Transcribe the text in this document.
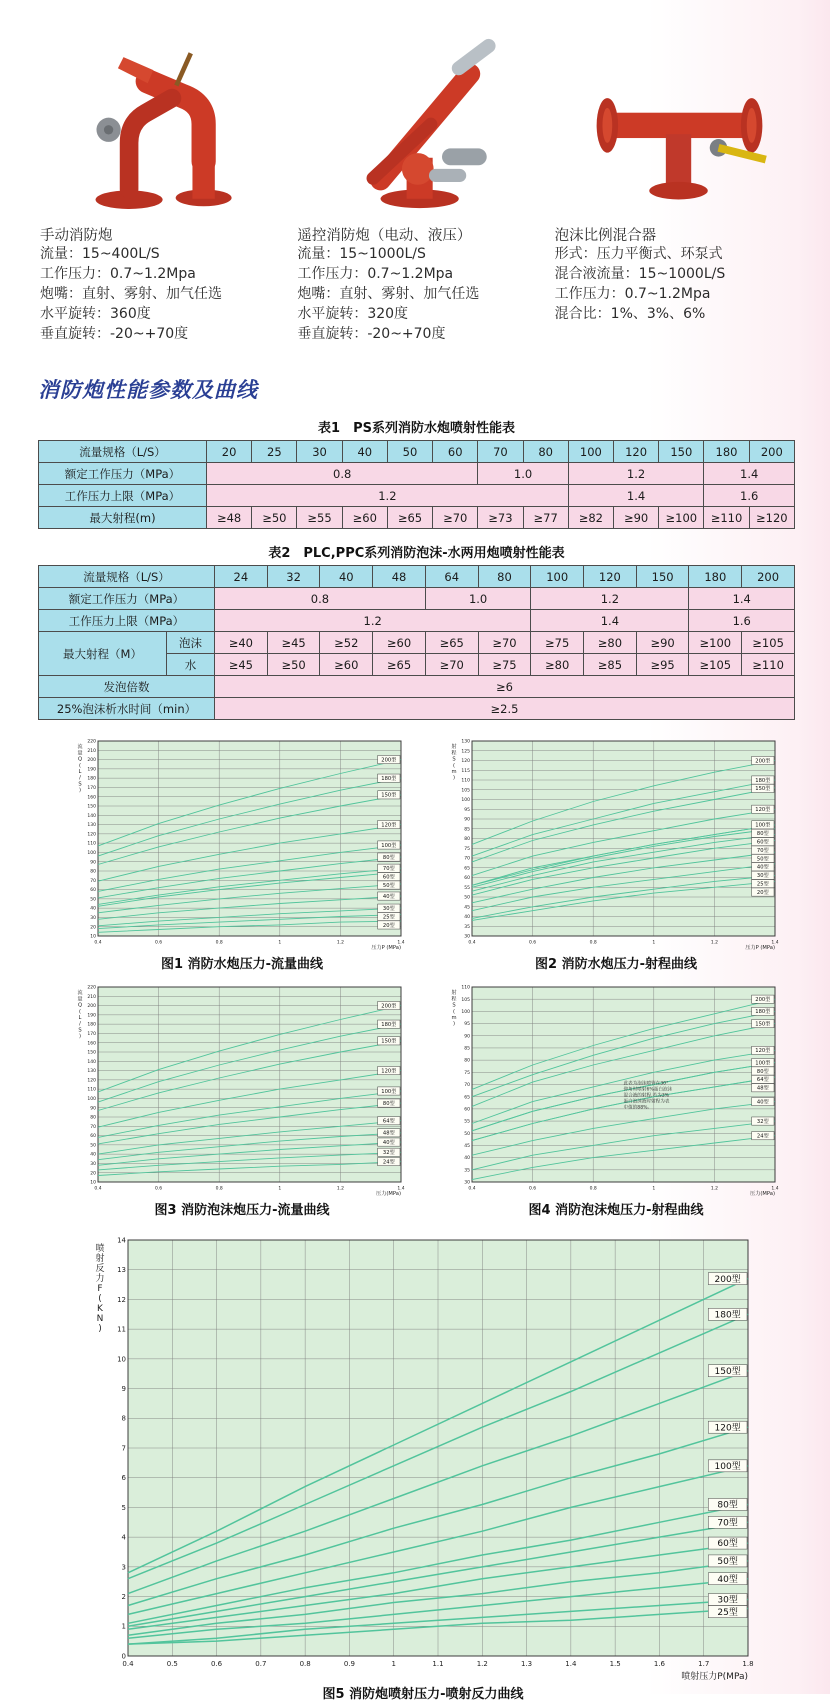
手动消防炮
流量：15~400L/S
工作压力：0.7~1.2Mpa
炮嘴：直射、雾射、加气任选
水平旋转：360度
垂直旋转：-20~+70度
遥控消防炮（电动、液压）
流量：15~1000L/S
工作压力：0.7~1.2Mpa
炮嘴：直射、雾射、加气任选
水平旋转：320度
垂直旋转：-20~+70度
泡沫比例混合器
形式：压力平衡式、环泵式
混合液流量：15~1000L/S
工作压力：0.7~1.2Mpa
混合比：1%、3%、6%
消防炮性能参数及曲线
表1　PS系列消防水炮喷射性能表
流量规格（L/S）	20	25	30	40	50	60	70	80	100	120	150	180	200
额定工作压力（MPa）	0.8						1.0		1.2			1.4	
工作压力上限（MPa）	1.2								1.4			1.6	
最大射程(m)	≥48	≥50	≥55	≥60	≥65	≥70	≥73	≥77	≥82	≥90	≥100	≥110	≥120
表2　PLC,PPC系列消防泡沫-水两用炮喷射性能表
流量规格（L/S）		24	32	40	48	64	80	100	120	150	180	200
额定工作压力（MPa）		0.8				1.0		1.2			1.4	
工作压力上限（MPa）		1.2						1.4			1.6	
最大射程（M）	泡沫	≥40	≥45	≥52	≥60	≥65	≥70	≥75	≥80	≥90	≥100	≥105
	水	≥45	≥50	≥60	≥65	≥70	≥75	≥80	≥85	≥95	≥105	≥110
发泡倍数		≥6										
25%泡沫析水时间（min）		≥2.5										
10
20
30
40
50
60
70
80
90
100
110
120
130
140
150
160
170
180
190
200
210
220
0.4	0.6	0.8	1	1.2	1.4
200型
180型
150型
120型
100型
80型
70型
60型
50型
40型
30型
25型
20型
流
量
Q
(
L
/
S
)
压力P (MPa)
图1 消防水炮压力-流量曲线
30
35
40
45
50
55
60
65
70
75
80
85
90
95
100
105
110
115
120
125
130
0.4	0.6	0.8	1	1.2	1.4
200型
180型
150型
120型
100型
80型
60型
70型
50型
40型
30型
25型
20型
射
程
S
(
m
)
压力P (MPa)
图2 消防水炮压力-射程曲线
10
20
30
40
50
60
70
80
90
100
110
120
130
140
150
160
170
180
190
200
210
220
0.4	0.6	0.8	1	1.2	1.4
200型
180型
150型
120型
100型
80型
64型
48型
40型
32型
24型
流
量
Q
(
L
/
S
)
压力(MPa)
图3 消防泡沫炮压力-流量曲线
30
35
40
45
50
55
60
65
70
75
80
85
90
95
100
105
110
0.4	0.6	0.8	1	1.2	1.4
200型
180型
150型
120型
100型
80型
64型
48型
40型
32型
24型
射
程
S
(
m
)
压力(MPa)
此表为泡沫喷管在30°
仰角时喷射6%蛋白泡沫
混合液的射程,若为3%
蛋白泡沫液时射程为表
中值的88%。
图4 消防泡沫炮压力-射程曲线
0
1
2
3
4
5
6
7
8
9
10
11
12
13
14
0.4	0.5	0.6	0.7	0.8	0.9	1	1.1	1.2	1.3	1.4	1.5	1.6	1.7	1.8
200型
180型
150型
120型
100型
80型
70型
60型
50型
40型
30型
25型
喷
射
反
力
F
(
K
N
)
喷射压力P(MPa)
图5 消防炮喷射压力-喷射反力曲线
